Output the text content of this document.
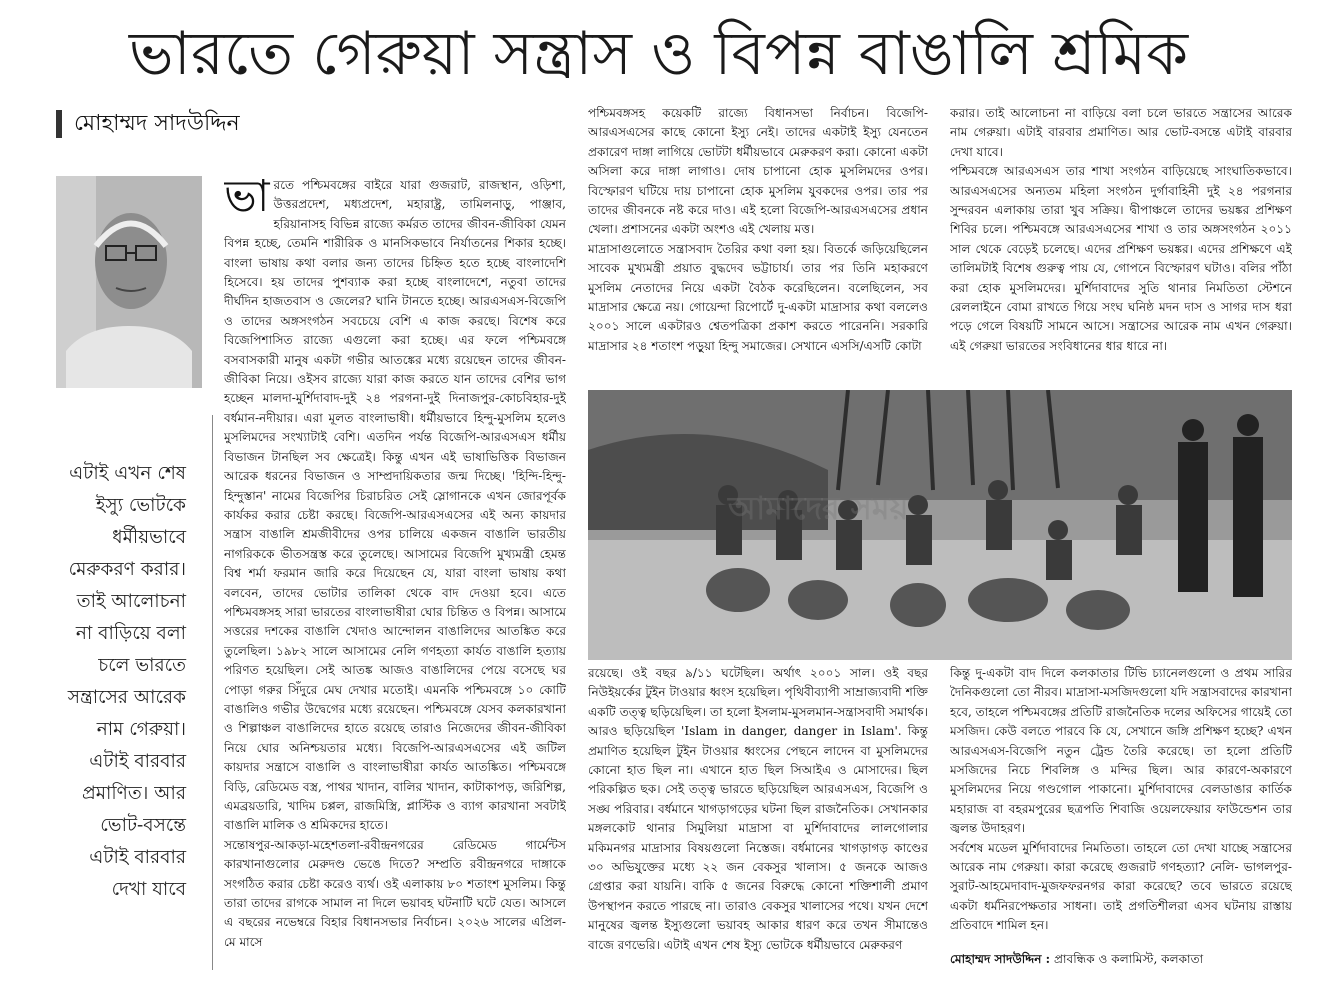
ভারতে গেরুয়া সন্ত্রাস ও বিপন্ন বাঙালি শ্রমিক
মোহাম্মদ সাদউদ্দিন
এটাই এখন শেষ ইস্যু ভোটকে ধর্মীয়ভাবে মেরুকরণ করার। তাই আলোচনা না বাড়িয়ে বলা চলে ভারতে সন্ত্রাসের আরেক নাম গেরুয়া। এটাই বারবার প্রমাণিত। আর ভোট-বসন্তে এটাই বারবার দেখা যাবে

ভারতে পশ্চিমবঙ্গের বাইরে যারা গুজরাট, রাজস্থান, ওড়িশা, উত্তরপ্রদেশ, মধ্যপ্রদেশ, মহারাষ্ট্র, তামিলনাড়ু, পাঞ্জাব, হরিয়ানাসহ বিভিন্ন রাজ্যে কর্মরত তাদের জীবন-জীবিকা যেমন বিপন্ন হচ্ছে, তেমনি শারীরিক ও মানসিকভাবে নির্যাতনের শিকার হচ্ছে। বাংলা ভাষায় কথা বলার জন্য তাদের চিহ্নিত হতে হচ্ছে বাংলাদেশি হিসেবে। হয় তাদের পুশব্যাক করা হচ্ছে বাংলাদেশে, নতুবা তাদের দীর্ঘদিন হাজতবাস ও জেলের? ঘানি টানতে হচ্ছে। আরএসএস-বিজেপি ও তাদের অঙ্গসংগঠন সবচেয়ে বেশি এ কাজ করছে। বিশেষ করে বিজেপিশাসিত রাজ্যে এগুলো করা হচ্ছে। এর ফলে পশ্চিমবঙ্গে বসবাসকারী মানুষ একটা গভীর আতঙ্কের মধ্যে রয়েছেন তাদের জীবন-জীবিকা নিয়ে। ওইসব রাজ্যে যারা কাজ করতে যান তাদের বেশির ভাগ হচ্ছেন মালদা-মুর্শিদাবাদ-দুই ২৪ পরগনা-দুই দিনাজপুর-কোচবিহার-দুই বর্ধমান-নদীয়ার। এরা মূলত বাংলাভাষী। ধর্মীয়ভাবে হিন্দু-মুসলিম হলেও মুসলিমদের সংখ্যাটাই বেশি। এতদিন পর্যন্ত বিজেপি-আরএসএস ধর্মীয় বিভাজন টানছিল সব ক্ষেত্রেই। কিন্তু এখন এই ভাষাভিত্তিক বিভাজন আরেক ধরনের বিভাজন ও সাম্প্রদায়িকতার জন্ম দিচ্ছে। 'হিন্দি-হিন্দু-হিন্দুস্তান' নামের বিজেপির চিরাচরিত সেই স্লোগানকে এখন জোরপূর্বক কার্যকর করার চেষ্টা করছে। বিজেপি-আরএসএসের এই অন্য কায়দার সন্ত্রাস বাঙালি শ্রমজীবীদের ওপর চালিয়ে একজন বাঙালি ভারতীয় নাগরিককে ভীতসন্ত্রস্ত করে তুলেছে। আসামের বিজেপি মুখ্যমন্ত্রী হেমন্ত বিশ্ব শর্মা ফরমান জারি করে দিয়েছেন যে, যারা বাংলা ভাষায় কথা বলবেন, তাদের ভোটার তালিকা থেকে বাদ দেওয়া হবে। এতে পশ্চিমবঙ্গসহ সারা ভারতের বাংলাভাষীরা ঘোর চিন্তিত ও বিপন্ন। আসামে সত্তরের দশকের বাঙালি খেদাও আন্দোলন বাঙালিদের আতঙ্কিত করে তুলেছিল। ১৯৮২ সালে আসামের নেলি গণহত্যা কার্যত বাঙালি হত্যায় পরিণত হয়েছিল। সেই আতঙ্ক আজও বাঙালিদের পেয়ে বসেছে ঘর পোড়া গরুর সিঁদুরে মেঘ দেখার মতোই। এমনকি পশ্চিমবঙ্গে ১০ কোটি বাঙালিও গভীর উদ্বেগের মধ্যে রয়েছেন। পশ্চিমবঙ্গে যেসব কলকারখানা ও শিল্পাঞ্চল বাঙালিদের হাতে রয়েছে তারাও নিজেদের জীবন-জীবিকা নিয়ে ঘোর অনিশ্চয়তার মধ্যে। বিজেপি-আরএসএসের এই জটিল কায়দার সন্ত্রাসে বাঙালি ও বাংলাভাষীরা কার্যত আতঙ্কিত। পশ্চিমবঙ্গে বিড়ি, রেডিমেড বস্ত্র, পাথর খাদান, বালির খাদান, কাটাকাপড়, জরিশিল্প, এমব্রয়ডারি, খাদিম চপ্পল, রাজমিস্ত্রি, প্লাস্টিক ও ব্যাগ কারখানা সবটাই বাঙালি মালিক ও শ্রমিকদের হাতে।

সন্তোষপুর-আকড়া-মহেশতলা-রবীন্দ্রনগরের রেডিমেড গার্মেন্টস কারখানাগুলোর মেরুদণ্ড ভেঙে দিতে? সম্প্রতি রবীন্দ্রনগরে দাঙ্গাকে সংগঠিত করার চেষ্টা করেও ব্যর্থ। ওই এলাকায় ৮০ শতাংশ মুসলিম। কিন্তু তারা তাদের রাগকে সামাল না দিলে ভয়াবহ ঘটনাটি ঘটে যেত। আসলে এ বছরের নভেম্বরে বিহার বিধানসভার নির্বাচন। ২০২৬ সালের এপ্রিল-মে মাসে

পশ্চিমবঙ্গসহ কয়েকটি রাজ্যে বিধানসভা নির্বাচন। বিজেপি-আরএসএসের কাছে কোনো ইস্যু নেই। তাদের একটাই ইস্যু যেনতেন প্রকারেণ দাঙ্গা লাগিয়ে ভোটটা ধর্মীয়ভাবে মেরুকরণ করা। কোনো একটা অসিলা করে দাঙ্গা লাগাও। দোষ চাপানো হোক মুসলিমদের ওপর। বিস্ফোরণ ঘটিয়ে দায় চাপানো হোক মুসলিম যুবকদের ওপর। তার পর তাদের জীবনকে নষ্ট করে দাও। এই হলো বিজেপি-আরএসএসের প্রধান খেলা। প্রশাসনের একটা অংশও এই খেলায় মত্ত।

মাদ্রাসাগুলোতে সন্ত্রাসবাদ তৈরির কথা বলা হয়। বিতর্কে জড়িয়েছিলেন সাবেক মুখ্যমন্ত্রী প্রয়াত বুদ্ধদেব ভট্টাচার্য। তার পর তিনি মহাকরণে মুসলিম নেতাদের নিয়ে একটা বৈঠক করেছিলেন। বলেছিলেন, সব মাদ্রাসার ক্ষেত্রে নয়। গোয়েন্দা রিপোর্টে দু-একটা মাদ্রাসার কথা বললেও ২০০১ সালে একটারও শ্বেতপত্রিকা প্রকাশ করতে পারেননি। সরকারি মাদ্রাসার ২৪ শতাংশ পড়ুয়া হিন্দু সমাজের। সেখানে এসসি/এসটি কোটা

করার। তাই আলোচনা না বাড়িয়ে বলা চলে ভারতে সন্ত্রাসের আরেক নাম গেরুয়া। এটাই বারবার প্রমাণিত। আর ভোট-বসন্তে এটাই বারবার দেখা যাবে।

পশ্চিমবঙ্গে আরএসএস তার শাখা সংগঠন বাড়িয়েছে সাংঘাতিকভাবে। আরএসএসের অন্যতম মহিলা সংগঠন দুর্গাবাহিনী দুই ২৪ পরগনার সুন্দরবন এলাকায় তারা খুব সক্রিয়। দ্বীপাঞ্চলে তাদের ভয়ঙ্কর প্রশিক্ষণ শিবির চলে। পশ্চিমবঙ্গে আরএসএসের শাখা ও তার অঙ্গসংগঠন ২০১১ সাল থেকে বেড়েই চলেছে। এদের প্রশিক্ষণ ভয়ঙ্কর। এদের প্রশিক্ষণে এই তালিমটাই বিশেষ গুরুত্ব পায় যে, গোপনে বিস্ফোরণ ঘটাও। বলির পাঁঠা করা হোক মুসলিমদের। মুর্শিদাবাদের সুতি থানার নিমতিতা স্টেশনে রেললাইনে বোমা রাখতে গিয়ে সংঘ ঘনিষ্ঠ মদন দাস ও সাগর দাস ধরা পড়ে গেলে বিষয়টি সামনে আসে। সন্ত্রাসের আরেক নাম এখন গেরুয়া। এই গেরুয়া ভারতের সংবিধানের ধার ধারে না।

আমাদের সময়

রয়েছে। ওই বছর ৯/১১ ঘটেছিল। অর্থাৎ ২০০১ সাল। ওই বছর নিউইয়র্কের টুইন টাওয়ার ধ্বংস হয়েছিল। পৃথিবীব্যাপী সাম্রাজ্যবাদী শক্তি একটি তত্ত্ব ছড়িয়েছিল। তা হলো ইসলাম-মুসলমান-সন্ত্রাসবাদী সমার্থক। আরও ছড়িয়েছিল 'Islam in danger, danger in Islam'. কিন্তু প্রমাণিত হয়েছিল টুইন টাওয়ার ধ্বংসের পেছনে লাদেন বা মুসলিমদের কোনো হাত ছিল না। এখানে হাত ছিল সিআইএ ও মোসাদের। ছিল পরিকল্পিত ছক। সেই তত্ত্ব ভারতে ছড়িয়েছিল আরএসএস, বিজেপি ও সঙ্ঘ পরিবার। বর্ধমানে খাগড়াগড়ের ঘটনা ছিল রাজনৈতিক। সেখানকার মঙ্গলকোট থানার সিমুলিয়া মাদ্রাসা বা মুর্শিদাবাদের লালগোলার মকিমনগর মাদ্রাসার বিষয়গুলো নিস্তেজ। বর্ধমানের খাগড়াগড় কাণ্ডের ৩০ অভিযুক্তের মধ্যে ২২ জন বেকসুর খালাস। ৫ জনকে আজও গ্রেপ্তার করা যায়নি। বাকি ৫ জনের বিরুদ্ধে কোনো শক্তিশালী প্রমাণ উপস্থাপন করতে পারছে না। তারাও বেকসুর খালাসের পথে। যখন দেশে মানুষের জ্বলন্ত ইস্যুগুলো ভয়াবহ আকার ধারণ করে তখন সীমান্তেও বাজে রণভেরি। এটাই এখন শেষ ইস্যু ভোটকে ধর্মীয়ভাবে মেরুকরণ

কিন্তু দু-একটা বাদ দিলে কলকাতার টিভি চ্যানেলগুলো ও প্রথম সারির দৈনিকগুলো তো নীরব। মাদ্রাসা-মসজিদগুলো যদি সন্ত্রাসবাদের কারখানা হবে, তাহলে পশ্চিমবঙ্গের প্রতিটি রাজনৈতিক দলের অফিসের গায়েই তো মসজিদ। কেউ বলতে পারবে কি যে, সেখানে জঙ্গি প্রশিক্ষণ হচ্ছে? এখন আরএসএস-বিজেপি নতুন ট্রেন্ড তৈরি করেছে। তা হলো প্রতিটি মসজিদের নিচে শিবলিঙ্গ ও মন্দির ছিল। আর কারণে-অকারণে মুসলিমদের নিয়ে গণ্ডগোল পাকানো। মুর্শিদাবাদের বেলডাঙার কার্তিক মহারাজ বা বহরমপুরের ছত্রপতি শিবাজি ওয়েলফেয়ার ফাউন্ডেশন তার জ্বলন্ত উদাহরণ।

সর্বশেষ মডেল মুর্শিদাবাদের নিমতিতা। তাহলে তো দেখা যাচ্ছে সন্ত্রাসের আরেক নাম গেরুয়া। কারা করেছে গুজরাট গণহত্যা? নেলি- ভাগলপুর-সুরাট-আহমেদাবাদ-মুজফফরনগর কারা করেছে? তবে ভারতে রয়েছে একটা ধর্মনিরপেক্ষতার সাধনা। তাই প্রগতিশীলরা এসব ঘটনায় রাস্তায় প্রতিবাদে শামিল হন।

মোহাম্মদ সাদউদ্দিন : প্রাবন্ধিক ও কলামিস্ট, কলকাতা
